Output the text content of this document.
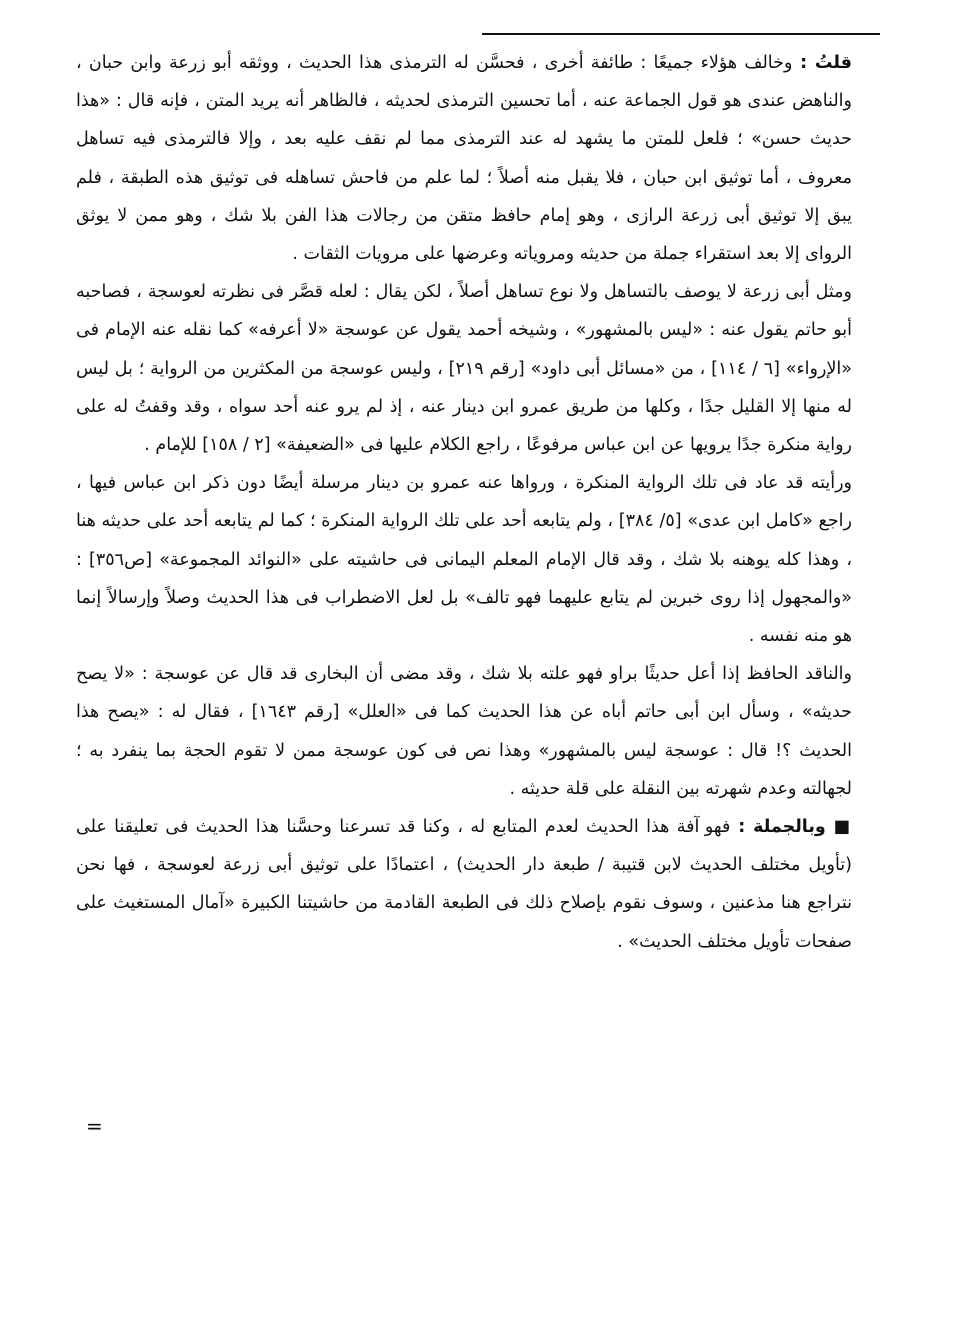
قلتُ : وخالف هؤلاء جميعًا : طائفة أخرى ، فحسَّن له الترمذى هذا الحديث ، ووثقه أبو زرعة وابن حبان ، والناهض عندى هو قول الجماعة عنه ، أما تحسين الترمذى لحديثه ، فالظاهر أنه يريد المتن ، فإنه قال : «هذا حديث حسن» ؛ فلعل للمتن ما يشهد له عند الترمذى مما لم نقف عليه بعد ، وإلا فالترمذى فيه تساهل معروف ، أما توثيق ابن حبان ، فلا يقبل منه أصلاً ؛ لما علم من فاحش تساهله فى توثيق هذه الطبقة ، فلم يبق إلا توثيق أبى زرعة الرازى ، وهو إمام حافظ متقن من رجالات هذا الفن بلا شك ، وهو ممن لا يوثق الرواى إلا بعد استقراء جملة من حديثه ومروياته وعرضها على مرويات الثقات .

ومثل أبى زرعة لا يوصف بالتساهل ولا نوع تساهل أصلاً ، لكن يقال : لعله قصَّر فى نظرته لعوسجة ، فصاحبه أبو حاتم يقول عنه : «ليس بالمشهور» ، وشيخه أحمد يقول عن عوسجة «لا أعرفه» كما نقله عنه الإمام فى «الإرواء» [٦ / ١١٤] ، من «مسائل أبى داود» [رقم ٢١٩] ، وليس عوسجة من المكثرين من الرواية ؛ بل ليس له منها إلا القليل جدًا ، وكلها من طريق عمرو ابن دينار عنه ، إذ لم يرو عنه أحد سواه ، وقد وقفتُ له على رواية منكرة جدًا يرويها عن ابن عباس مرفوعًا ، راجع الكلام عليها فى «الضعيفة» [٢ / ١٥٨] للإمام .

ورأيته قد عاد فى تلك الرواية المنكرة ، ورواها عنه عمرو بن دينار مرسلة أيضًا دون ذكر ابن عباس فيها ، راجع «كامل ابن عدى» [٥/ ٣٨٤] ، ولم يتابعه أحد على تلك الرواية المنكرة ؛ كما لم يتابعه أحد على حديثه هنا ، وهذا كله يوهنه بلا شك ، وقد قال الإمام المعلم اليمانى فى حاشيته على «النوائد المجموعة» [ص٣٥٦] : «والمجهول إذا روى خبرين لم يتابع عليهما فهو تالف» بل لعل الاضطراب فى هذا الحديث وصلاً وإرسالاً إنما هو منه نفسه .

والناقد الحافظ إذا أعل حديثًا براو فهو علته بلا شك ، وقد مضى أن البخارى قد قال عن عوسجة : «لا يصح حديثه» ، وسأل ابن أبى حاتم أباه عن هذا الحديث كما فى «العلل» [رقم ١٦٤٣] ، فقال له : «يصح هذا الحديث ؟! قال : عوسجة ليس بالمشهور» وهذا نص فى كون عوسجة ممن لا تقوم الحجة بما ينفرد به ؛ لجهالته وعدم شهرته بين النقلة على قلة حديثه .

■ وبالجملة : فهو آفة هذا الحديث لعدم المتابع له ، وكنا قد تسرعنا وحسَّنا هذا الحديث فى تعليقنا على (تأويل مختلف الحديث لابن قتيبة / طبعة دار الحديث) ، اعتمادًا على توثيق أبى زرعة لعوسجة ، فها نحن نتراجع هنا مذعنين ، وسوف نقوم بإصلاح ذلك فى الطبعة القادمة من حاشيتنا الكبيرة «آمال المستغيث على صفحات تأويل مختلف الحديث» .

=
